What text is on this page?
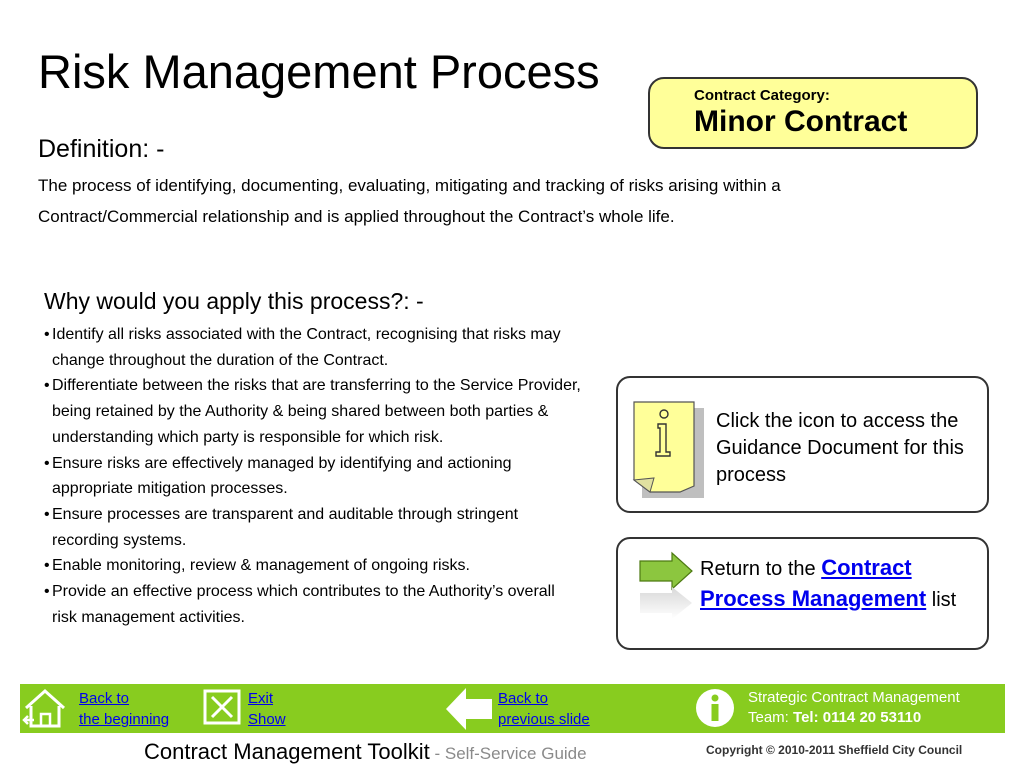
Risk Management Process	Contract Category:
Minor Contract
Definition: -
The process of identifying, documenting, evaluating, mitigating and tracking of risks arising within a Contract/Commercial relationship and is applied throughout the Contract’s whole life.
Why would you apply this process?: -
• Identify all risks associated with the Contract, recognising that risks may change throughout the duration of the Contract.
• Differentiate between the risks that are transferring to the Service Provider, being retained by the Authority & being shared between both parties & understanding which party is responsible for which risk.
• Ensure risks are effectively managed by identifying and actioning appropriate mitigation processes.
• Ensure processes are transparent and auditable through stringent recording systems.
• Enable monitoring, review & management of ongoing risks.
• Provide an effective process which contributes to the Authority’s overall risk management activities.
Click the icon to access the Guidance Document for this process
Return to the Contract Process Management list
Back to
the beginning
Exit
Show
Back to
previous slide
Strategic Contract Management
Team: Tel: 0114 20 53110
Contract Management Toolkit - Self-Service Guide	Copyright © 2010-2011 Sheffield City Council
